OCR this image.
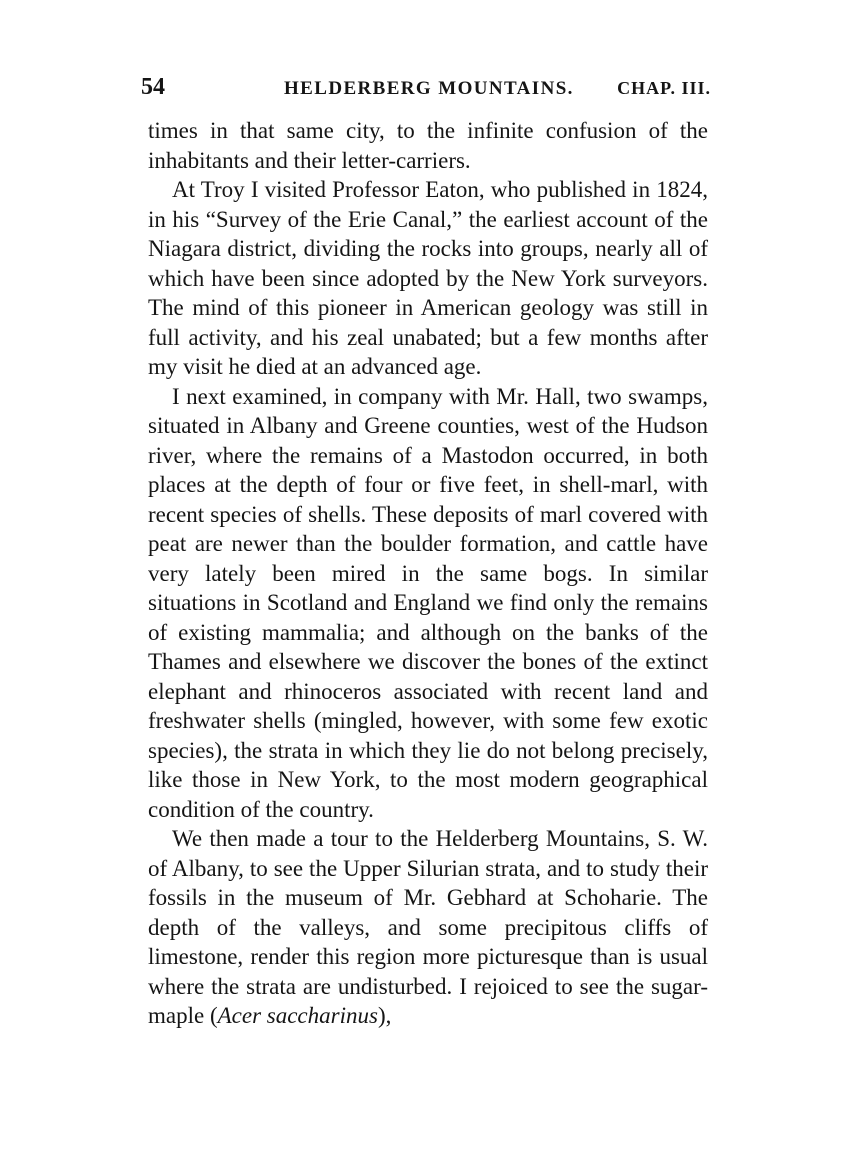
54	HELDERBERG MOUNTAINS. CHAP. III.

times in that same city, to the infinite confusion of the inhabitants and their letter-carriers.

At Troy I visited Professor Eaton, who published in 1824, in his “Survey of the Erie Canal,” the earliest account of the Niagara district, dividing the rocks into groups, nearly all of which have been since adopted by the New York surveyors. The mind of this pioneer in American geology was still in full activity, and his zeal unabated; but a few months after my visit he died at an advanced age.

I next examined, in company with Mr. Hall, two swamps, situated in Albany and Greene counties, west of the Hudson river, where the remains of a Mastodon occurred, in both places at the depth of four or five feet, in shell-marl, with recent species of shells. These deposits of marl covered with peat are newer than the boulder formation, and cattle have very lately been mired in the same bogs. In similar situations in Scotland and England we find only the remains of existing mammalia; and although on the banks of the Thames and elsewhere we discover the bones of the extinct elephant and rhinoceros associated with recent land and freshwater shells (mingled, however, with some few exotic species), the strata in which they lie do not belong precisely, like those in New York, to the most modern geographical condition of the country.

We then made a tour to the Helderberg Mountains, S. W. of Albany, to see the Upper Silurian strata, and to study their fossils in the museum of Mr. Gebhard at Schoharie. The depth of the valleys, and some precipitous cliffs of limestone, render this region more picturesque than is usual where the strata are undisturbed. I rejoiced to see the sugar-maple (Acer saccharinus),
